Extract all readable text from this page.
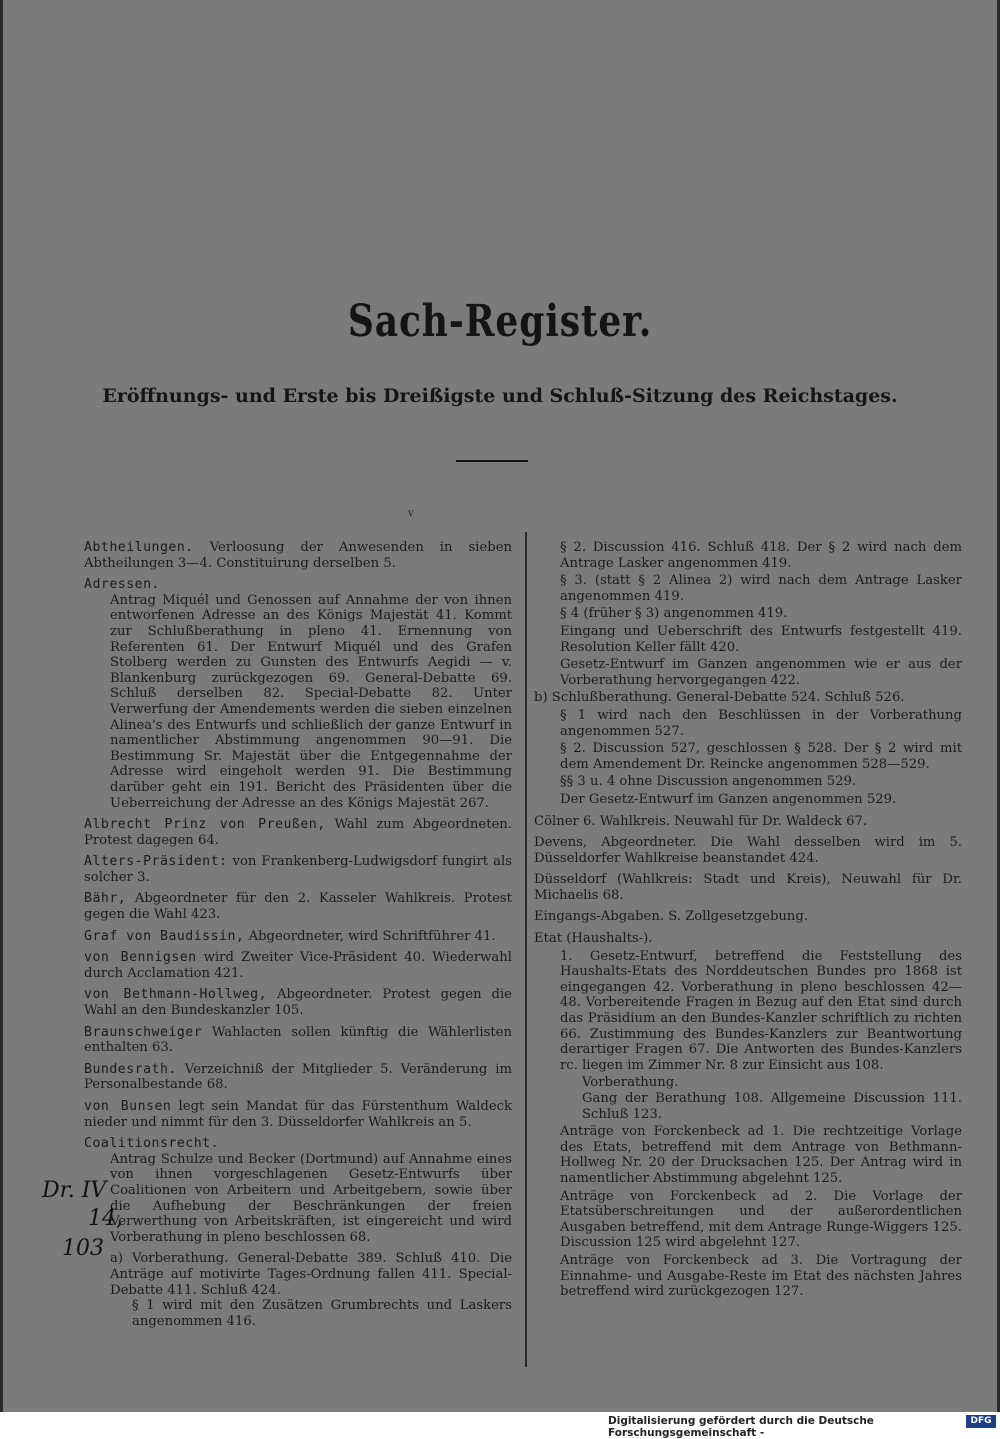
Sach-Register.
Eröffnungs- und Erste bis Dreißigste und Schluß-Sitzung des Reichstages.
v
Abtheilungen. Verloosung der Anwesenden in sieben Abtheilungen 3—4. Constituirung derselben 5.
Adressen.
Antrag Miquél und Genossen auf Annahme der von ihnen entworfenen Adresse an des Königs Majestät 41. Kommt zur Schlußberathung in pleno 41. Ernennung von Referenten 61. Der Entwurf Miquél und des Grafen Stolberg werden zu Gunsten des Entwurfs Aegidi — v. Blankenburg zurückgezogen 69. General-Debatte 69. Schluß derselben 82. Special-Debatte 82. Unter Verwerfung der Amendements werden die sieben einzelnen Alinea's des Entwurfs und schließlich der ganze Entwurf in namentlicher Abstimmung angenommen 90—91. Die Bestimmung Sr. Majestät über die Entgegennahme der Adresse wird eingeholt werden 91. Die Bestimmung darüber geht ein 191. Bericht des Präsidenten über die Ueberreichung der Adresse an des Königs Majestät 267.
Albrecht Prinz von Preußen, Wahl zum Abgeordneten. Protest dagegen 64.
Alters-Präsident: von Frankenberg-Ludwigsdorf fungirt als solcher 3.
Bähr, Abgeordneter für den 2. Kasseler Wahlkreis. Protest gegen die Wahl 423.
Graf von Baudissin, Abgeordneter, wird Schriftführer 41.
von Bennigsen wird Zweiter Vice-Präsident 40. Wiederwahl durch Acclamation 421.
von Bethmann-Hollweg, Abgeordneter. Protest gegen die Wahl an den Bundeskanzler 105.
Braunschweiger Wahlacten sollen künftig die Wählerlisten enthalten 63.
Bundesrath. Verzeichniß der Mitglieder 5. Veränderung im Personalbestande 68.
von Bunsen legt sein Mandat für das Fürstenthum Waldeck nieder und nimmt für den 3. Düsseldorfer Wahlkreis an 5.
Coalitionsrecht.
Antrag Schulze und Becker (Dortmund) auf Annahme eines von ihnen vorgeschlagenen Gesetz-Entwurfs über Coalitionen von Arbeitern und Arbeitgebern, sowie über die Aufhebung der Beschränkungen der freien Verwerthung von Arbeitskräften, ist eingereicht und wird Vorberathung in pleno beschlossen 68.
a) Vorberathung. General-Debatte 389. Schluß 410. Die Anträge auf motivirte Tages-Ordnung fallen 411. Special-Debatte 411. Schluß 424.
§ 1 wird mit den Zusätzen Grumbrechts und Laskers angenommen 416.
§ 2. Discussion 416. Schluß 418. Der § 2 wird nach dem Antrage Lasker angenommen 419.
§ 3. (statt § 2 Alinea 2) wird nach dem Antrage Lasker angenommen 419.
§ 4 (früher § 3) angenommen 419.
Eingang und Ueberschrift des Entwurfs festgestellt 419. Resolution Keller fällt 420.
Gesetz-Entwurf im Ganzen angenommen wie er aus der Vorberathung hervorgegangen 422.
b) Schlußberathung. General-Debatte 524. Schluß 526.
§ 1 wird nach den Beschlüssen in der Vorberathung angenommen 527.
§ 2. Discussion 527, geschlossen § 528. Der § 2 wird mit dem Amendement Dr. Reincke angenommen 528—529.
§§ 3 u. 4 ohne Discussion angenommen 529.
Der Gesetz-Entwurf im Ganzen angenommen 529.
Cölner 6. Wahlkreis. Neuwahl für Dr. Waldeck 67.
Devens, Abgeordneter. Die Wahl desselben wird im 5. Düsseldorfer Wahlkreise beanstandet 424.
Düsseldorf (Wahlkreis: Stadt und Kreis), Neuwahl für Dr. Michaelis 68.
Eingangs-Abgaben. S. Zollgesetzgebung.
Etat (Haushalts-).
1. Gesetz-Entwurf, betreffend die Feststellung des Haushalts-Etats des Norddeutschen Bundes pro 1868 ist eingegangen 42. Vorberathung in pleno beschlossen 42—48. Vorbereitende Fragen in Bezug auf den Etat sind durch das Präsidium an den Bundes-Kanzler schriftlich zu richten 66. Zustimmung des Bundes-Kanzlers zur Beantwortung derartiger Fragen 67. Die Antworten des Bundes-Kanzlers rc. liegen im Zimmer Nr. 8 zur Einsicht aus 108.
Vorberathung.
Gang der Berathung 108. Allgemeine Discussion 111. Schluß 123.
Anträge von Forckenbeck ad 1. Die rechtzeitige Vorlage des Etats, betreffend mit dem Antrage von Bethmann-Hollweg Nr. 20 der Drucksachen 125. Der Antrag wird in namentlicher Abstimmung abgelehnt 125.
Anträge von Forckenbeck ad 2. Die Vorlage der Etatsüberschreitungen und der außerordentlichen Ausgaben betreffend, mit dem Antrage Runge-Wiggers 125. Discussion 125 wird abgelehnt 127.
Anträge von Forckenbeck ad 3. Die Vortragung der Einnahme- und Ausgabe-Reste im Etat des nächsten Jahres betreffend wird zurückgezogen 127.
Dr. IV
14,
103
Digitalisierung gefördert durch die Deutsche Forschungsgemeinschaft -
DFG
